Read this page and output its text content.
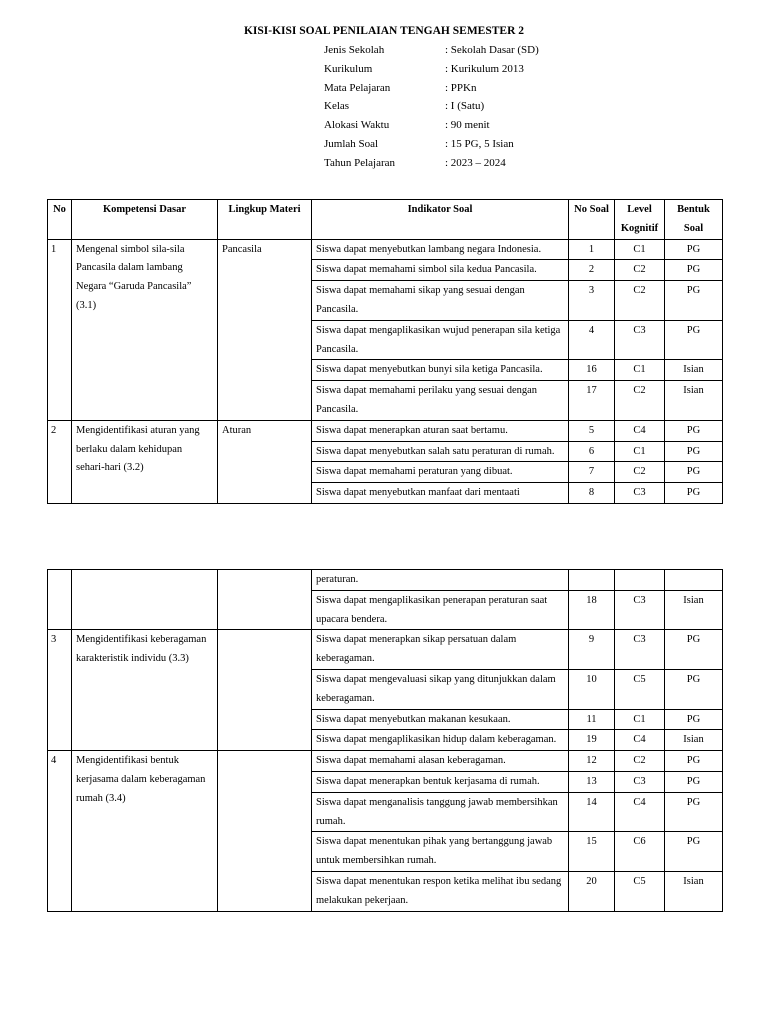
KISI-KISI SOAL PENILAIAN TENGAH SEMESTER 2
Jenis Sekolah	: Sekolah Dasar (SD)
Kurikulum	: Kurikulum 2013
Mata Pelajaran	: PPKn
Kelas	: I (Satu)
Alokasi Waktu	: 90 menit
Jumlah Soal	: 15 PG, 5 Isian
Tahun Pelajaran	: 2023 – 2024
No	Kompetensi Dasar	Lingkup Materi	Indikator Soal	No Soal	Level Kognitif	Bentuk Soal
1	Mengenal simbol sila-sila Pancasila dalam lambang Negara “Garuda Pancasila” (3.1)	Pancasila	Siswa dapat menyebutkan lambang negara Indonesia.	1	C1	PG
			Siswa dapat memahami simbol sila kedua Pancasila.	2	C2	PG
			Siswa dapat memahami sikap yang sesuai dengan Pancasila.	3	C2	PG
			Siswa dapat mengaplikasikan wujud penerapan sila ketiga Pancasila.	4	C3	PG
			Siswa dapat menyebutkan bunyi sila ketiga Pancasila.	16	C1	Isian
			Siswa dapat memahami perilaku yang sesuai dengan Pancasila.	17	C2	Isian
2	Mengidentifikasi aturan yang berlaku dalam kehidupan sehari-hari (3.2)	Aturan	Siswa dapat menerapkan aturan saat bertamu.	5	C4	PG
			Siswa dapat menyebutkan salah satu peraturan di rumah.	6	C1	PG
			Siswa dapat memahami peraturan yang dibuat.	7	C2	PG
			Siswa dapat menyebutkan manfaat dari mentaati	8	C3	PG
			peraturan.			
			Siswa dapat mengaplikasikan penerapan peraturan saat upacara bendera.	18	C3	Isian
3	Mengidentifikasi keberagaman karakteristik individu (3.3)		Siswa dapat menerapkan sikap persatuan dalam keberagaman.	9	C3	PG
			Siswa dapat mengevaluasi sikap yang ditunjukkan dalam keberagaman.	10	C5	PG
			Siswa dapat menyebutkan makanan kesukaan.	11	C1	PG
			Siswa dapat mengaplikasikan hidup dalam keberagaman.	19	C4	Isian
4	Mengidentifikasi bentuk kerjasama dalam keberagaman rumah (3.4)		Siswa dapat memahami alasan keberagaman.	12	C2	PG
			Siswa dapat menerapkan bentuk kerjasama di rumah.	13	C3	PG
			Siswa dapat menganalisis tanggung jawab membersihkan rumah.	14	C4	PG
			Siswa dapat menentukan pihak yang bertanggung jawab untuk membersihkan rumah.	15	C6	PG
			Siswa dapat menentukan respon ketika melihat ibu sedang melakukan pekerjaan.	20	C5	Isian
